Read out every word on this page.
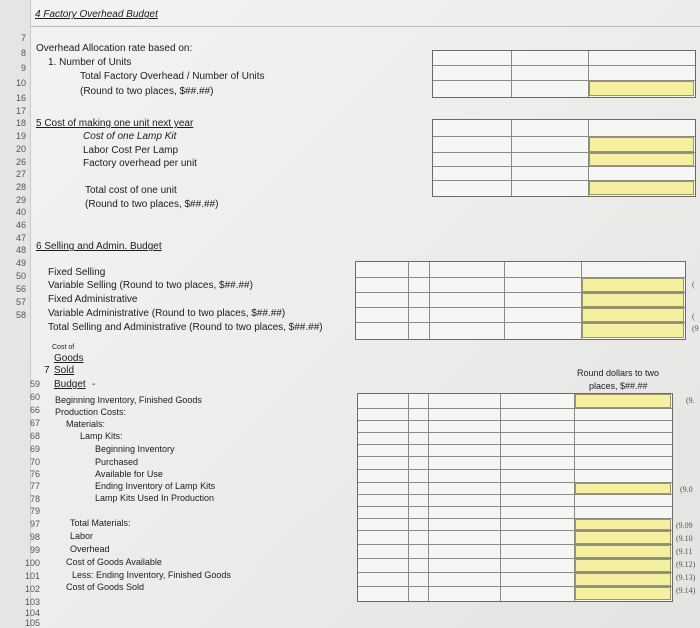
4 Factory Overhead Budget
7
8
9
10
16
17
18
19
20
26
27
28
29
40
46
47
48
49
50
56
57
58
59
60
66
67
68
69
70
76
77
78
79
97
98
99
100
101
102
103
104
105
Overhead Allocation rate based on:
1. Number of Units
Total Factory Overhead / Number of Units
(Round to two places, $##.##)
5 Cost of making one unit next year
Cost of one Lamp Kit
Labor Cost Per Lamp
Factory overhead per unit
Total cost of one unit
(Round to two places, $##.##)
6 Selling and Admin. Budget
Fixed Selling
Variable Selling (Round to two places, $##.##)
Fixed Administrative
Variable Administrative (Round to two places, $##.##)
Total Selling and Administrative (Round to two places, $##.##)
Cost of
Goods
7 Sold
Budget -
Round dollars to two
places, $##.##
Beginning Inventory, Finished Goods
Production Costs:
Materials:
Lamp Kits:
Beginning Inventory
Purchased
Available for Use
Ending Inventory of Lamp Kits
Lamp Kits Used In Production
Total Materials:
Labor
Overhead
Cost of Goods Available
Less: Ending Inventory, Finished Goods
Cost of Goods Sold
(
(
(9
(9.
(9.0
(9.09
(9.10
(9.11
(9.12)
(9.13)
(9.14)
